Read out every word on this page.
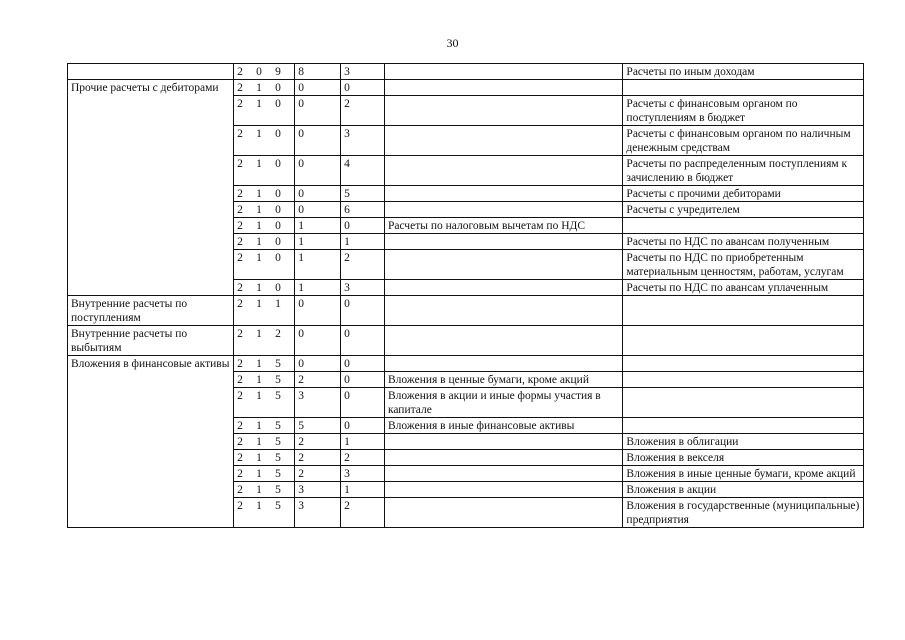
30
	2 0 9	8	3		Расчеты по иным доходам
Прочие расчеты с дебиторами	2 1 0	0	0		
	2 1 0	0	2		Расчеты с финансовым органом по поступлениям в бюджет
	2 1 0	0	3		Расчеты с финансовым органом по наличным денежным средствам
	2 1 0	0	4		Расчеты по распределенным поступлениям к зачислению в бюджет
	2 1 0	0	5		Расчеты с прочими дебиторами
	2 1 0	0	6		Расчеты с учредителем
	2 1 0	1	0	Расчеты по налоговым вычетам по НДС	
	2 1 0	1	1		Расчеты по НДС по авансам полученным
	2 1 0	1	2		Расчеты по НДС по приобретенным материальным ценностям, работам, услугам
	2 1 0	1	3		Расчеты по НДС по авансам уплаченным
Внутренние расчеты по поступлениям	2 1 1	0	0		
Внутренние расчеты по выбытиям	2 1 2	0	0		
Вложения в финансовые активы	2 1 5	0	0		
	2 1 5	2	0	Вложения в ценные бумаги, кроме акций	
	2 1 5	3	0	Вложения в акции и иные формы участия в капитале	
	2 1 5	5	0	Вложения в иные финансовые активы	
	2 1 5	2	1		Вложения в облигации
	2 1 5	2	2		Вложения в векселя
	2 1 5	2	3		Вложения в иные ценные бумаги, кроме акций
	2 1 5	3	1		Вложения в акции
	2 1 5	3	2		Вложения в государственные (муниципальные) предприятия
